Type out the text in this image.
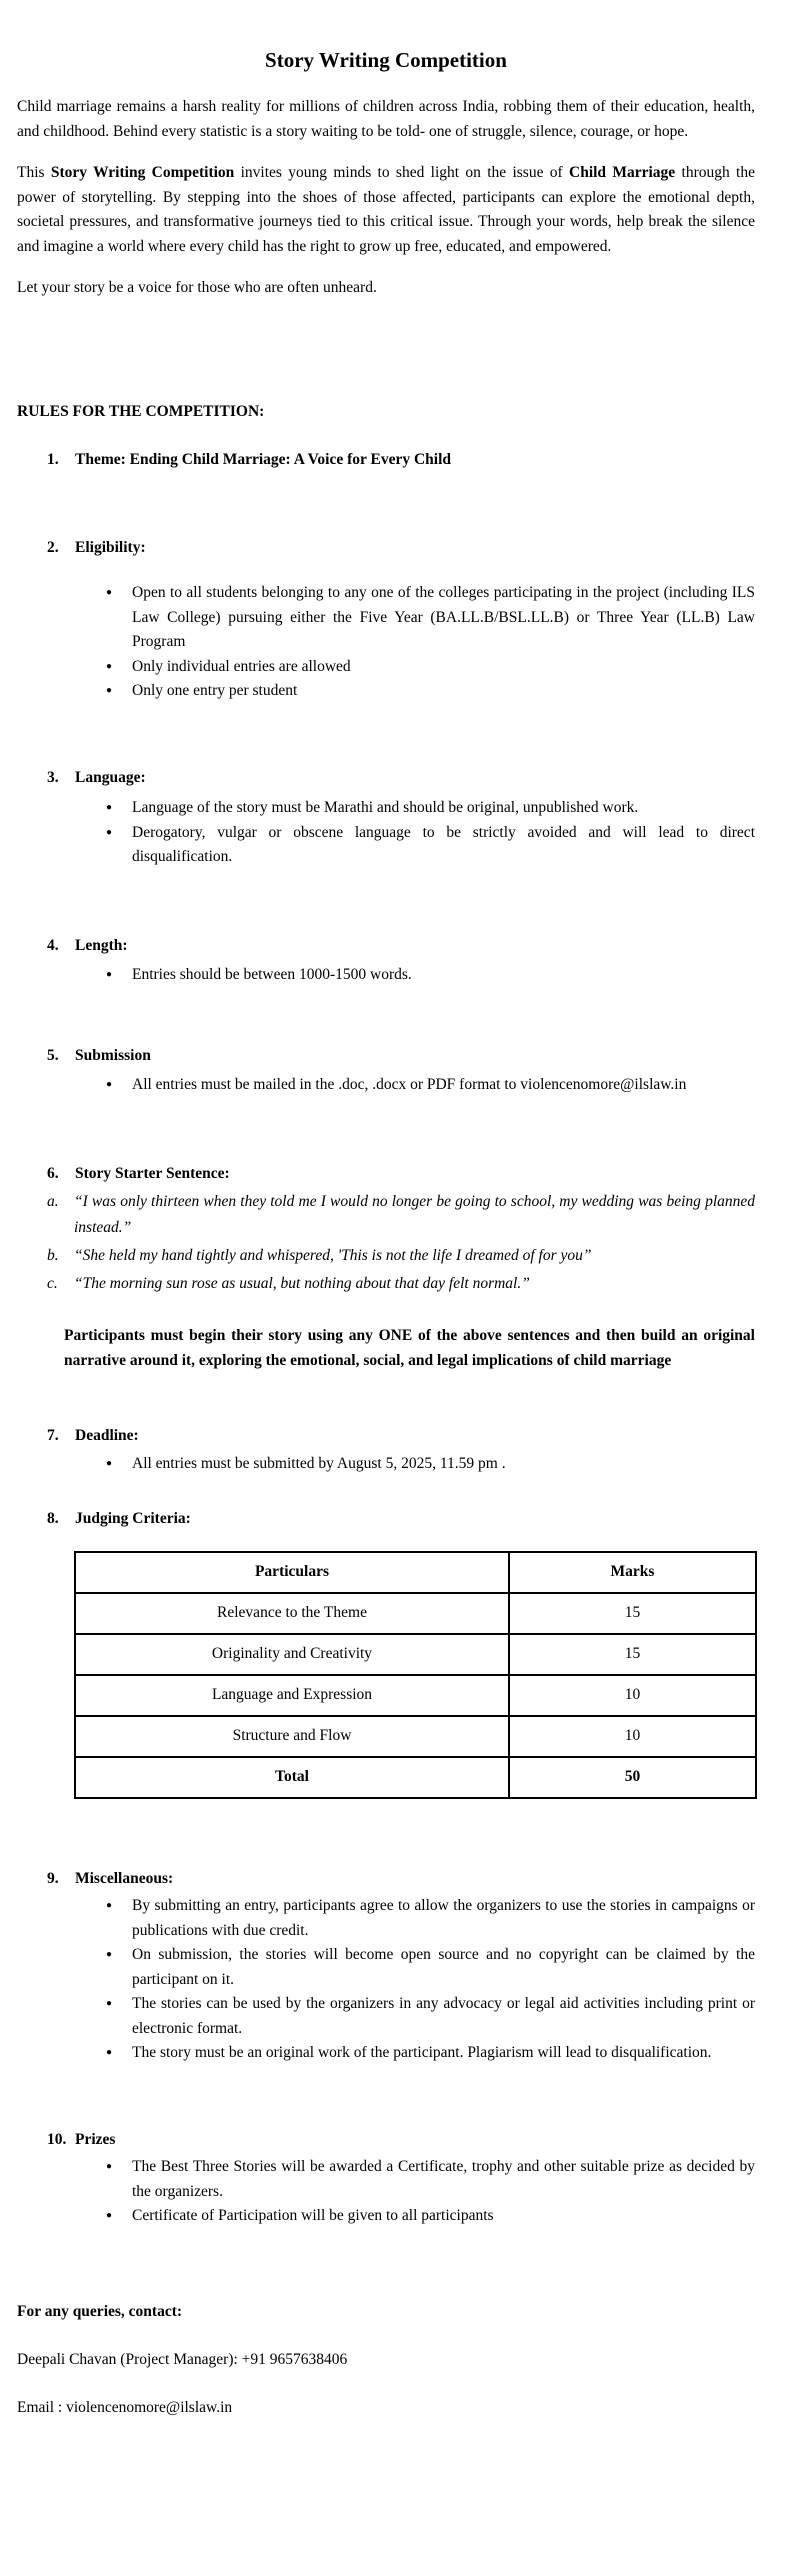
Story Writing Competition

Child marriage remains a harsh reality for millions of children across India, robbing them of their education, health, and childhood. Behind every statistic is a story waiting to be told- one of struggle, silence, courage, or hope.

This Story Writing Competition invites young minds to shed light on the issue of Child Marriage through the power of storytelling. By stepping into the shoes of those affected, participants can explore the emotional depth, societal pressures, and transformative journeys tied to this critical issue. Through your words, help break the silence and imagine a world where every child has the right to grow up free, educated, and empowered.

Let your story be a voice for those who are often unheard.

RULES FOR THE COMPETITION:

1.	Theme: Ending Child Marriage: A Voice for Every Child
2.	Eligibility:
●	Open to all students belonging to any one of the colleges participating in the project (including ILS Law College) pursuing either the Five Year (BA.LL.B/BSL.LL.B) or Three Year (LL.B) Law Program
●	Only individual entries are allowed
●	Only one entry per student
3.	Language:
●	Language of the story must be Marathi and should be original, unpublished work.
●	Derogatory, vulgar or obscene language to be strictly avoided and will lead to direct disqualification.
4.	Length:
●	Entries should be between 1000-1500 words.
5.	Submission
●	All entries must be mailed in the .doc, .docx or PDF format to violencenomore@ilslaw.in
6.	Story Starter Sentence:
a. “I was only thirteen when they told me I would no longer be going to school, my wedding was being planned instead.”
b. “She held my hand tightly and whispered, 'This is not the life I dreamed of for you”
c.	“The morning sun rose as usual, but nothing about that day felt normal.”

Participants must begin their story using any ONE of the above sentences and then build an original narrative around it, exploring the emotional, social, and legal implications of child marriage

7.	Deadline:
●	All entries must be submitted by August 5, 2025, 11.59 pm .
8.	Judging Criteria:
Particulars	Marks
Relevance to the Theme	15
Originality and Creativity	15
Language and Expression	10
Structure and Flow	10
Total	50
9.	Miscellaneous:
●	By submitting an entry, participants agree to allow the organizers to use the stories in campaigns or publications with due credit.
●	On submission, the stories will become open source and no copyright can be claimed by the participant on it.
●	The stories can be used by the organizers in any advocacy or legal aid activities including print or electronic format.
●	The story must be an original work of the participant. Plagiarism will lead to disqualification.
10. Prizes
●	The Best Three Stories will be awarded a Certificate, trophy and other suitable prize as decided by the organizers.
●	Certificate of Participation will be given to all participants

For any queries, contact:

Deepali Chavan (Project Manager): +91 9657638406

Email : violencenomore@ilslaw.in
